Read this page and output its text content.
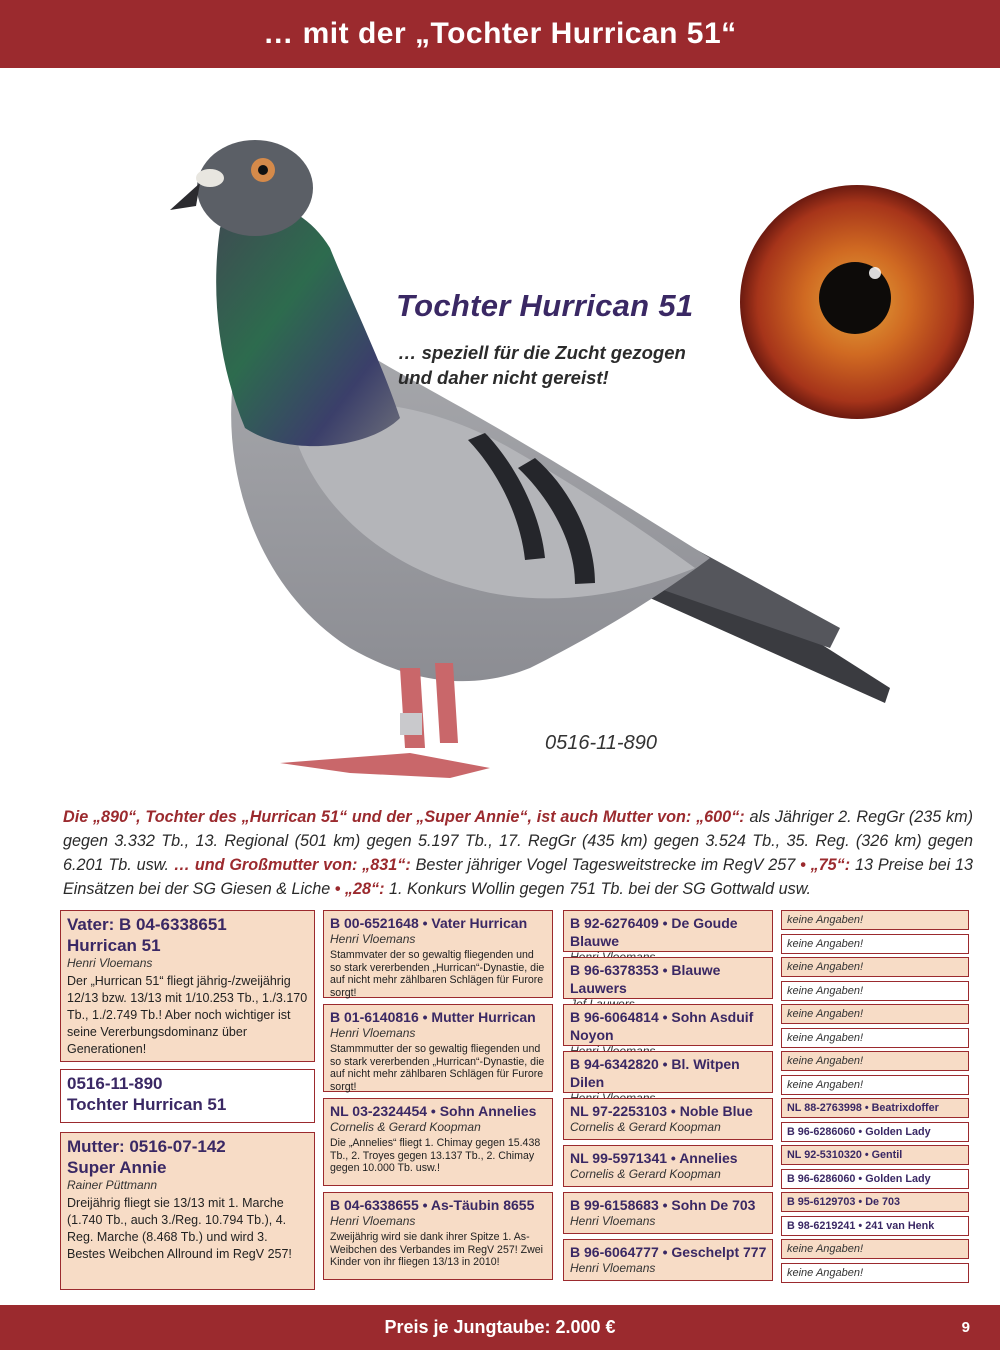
… mit der „Tochter Hurrican 51“
Tochter Hurrican 51
… speziell für die Zucht gezogen
und daher nicht gereist!
0516-11-890
Die „890“, Tochter des „Hurrican 51“ und der „Super Annie“, ist auch Mutter von: „600“: als Jähriger 2. RegGr (235 km) gegen 3.332 Tb., 13. Regional (501 km) gegen 5.197 Tb., 17. RegGr (435 km) gegen 3.524 Tb., 35. Reg. (326 km) gegen 6.201 Tb. usw. … und Großmutter von: „831“: Bester jähriger Vogel Tagesweitstrecke im RegV 257 • „75“: 13 Preise bei 13 Einsätzen bei der SG Giesen & Liche • „28“: 1. Konkurs Wollin gegen 751 Tb. bei der SG Gottwald usw.
Vater: B 04-6338651
Hurrican 51
Henri Vloemans
Der „Hurrican 51“ fliegt jährig-/zweijährig 12/13 bzw. 13/13 mit 1/10.253 Tb., 1./3.170 Tb., 1./2.749 Tb.! Aber noch wichtiger ist seine Vererbungsdominanz über Generationen!
0516-11-890
Tochter Hurrican 51
Mutter: 0516-07-142
Super Annie
Rainer Püttmann
Dreijährig fliegt sie 13/13 mit 1. Marche (1.740 Tb., auch 3./Reg. 10.794 Tb.), 4. Reg. Marche (8.468 Tb.) und wird 3. Bestes Weibchen Allround im RegV 257!
B 00-6521648 • Vater Hurrican
Henri Vloemans
Stammvater der so gewaltig fliegenden und so stark vererbenden „Hurrican“-Dynastie, die auf nicht mehr zählbaren Schlägen für Furore sorgt!
B 01-6140816 • Mutter Hurrican
Henri Vloemans
Stammmutter der so gewaltig fliegenden und so stark vererbenden „Hurrican“-Dynastie, die auf nicht mehr zählbaren Schlägen für Furore sorgt!
NL 03-2324454 • Sohn Annelies
Cornelis & Gerard Koopman
Die „Annelies“ fliegt 1. Chimay gegen 15.438 Tb., 2. Troyes gegen 13.137 Tb., 2. Chimay gegen 10.000 Tb. usw.!
B 04-6338655 • As-Täubin 8655
Henri Vloemans
Zweijährig wird sie dank ihrer Spitze 1. As-Weibchen des Verbandes im RegV 257! Zwei Kinder von ihr fliegen 13/13 in 2010!
B 92-6276409 • De Goude Blauwe
B 96-6378353 • Blauwe Lauwers
B 96-6064814 • Sohn Asduif Noyon
B 94-6342820 • Bl. Witpen Dilen
NL 97-2253103 • Noble Blue
Cornelis & Gerard Koopman
NL 99-5971341 • Annelies
Cornelis & Gerard Koopman
B 99-6158683 • Sohn De 703
Henri Vloemans
B 96-6064777 • Geschelpt 777
Henri Vloemans
keine Angaben!
keine Angaben!
keine Angaben!
keine Angaben!
keine Angaben!
keine Angaben!
keine Angaben!
keine Angaben!
NL 88-2763998 • Beatrixdoffer
B 96-6286060 • Golden Lady
NL 92-5310320 • Gentil
B 96-6286060 • Golden Lady
B 95-6129703 • De 703
B 98-6219241 • 241 van Henk
keine Angaben!
keine Angaben!
Preis je Jungtaube: 2.000 €	9
